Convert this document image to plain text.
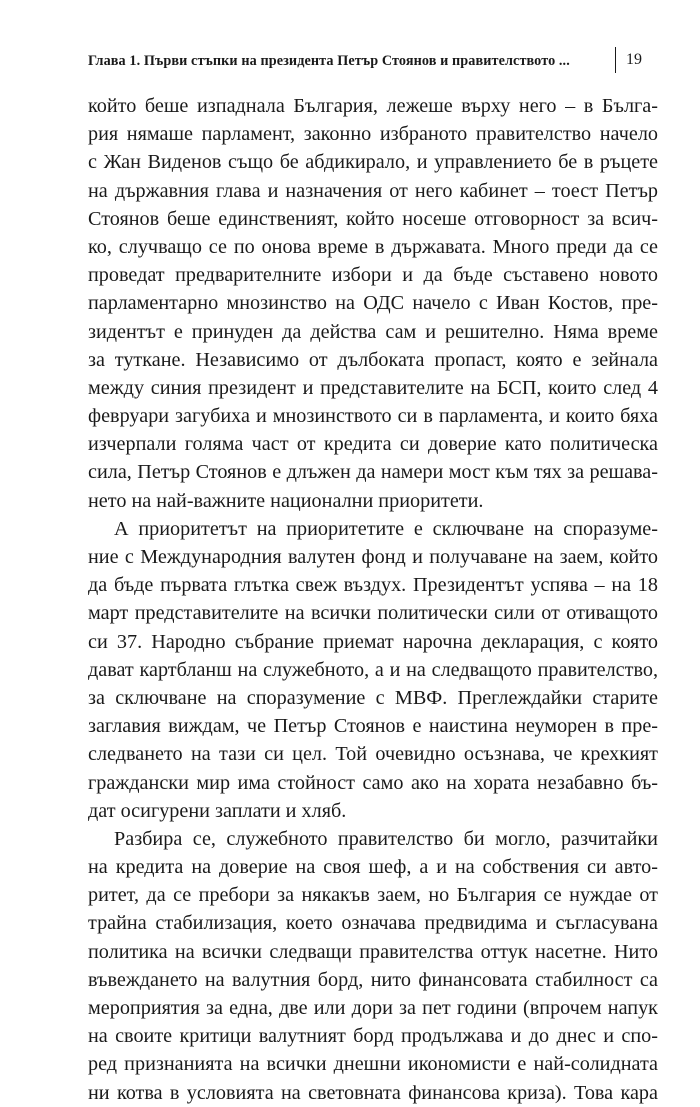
Глава 1. Първи стъпки на президента Петър Стоянов и правителството ...	19
който беше изпаднала България, лежеше върху него – в Бълга-
рия нямаше парламент, законно избраното правителство начело
с Жан Виденов също бе абдикирало, и управлението бе в ръцете
на държавния глава и назначения от него кабинет – тоест Петър
Стоянов беше единственият, който носеше отговорност за всич-
ко, случващо се по онова време в държавата. Много преди да се
проведат предварителните избори и да бъде съставено новото
парламентарно мнозинство на ОДС начело с Иван Костов, пре-
зидентът е принуден да действа сам и решително. Няма време
за туткане. Независимо от дълбоката пропаст, която е зейнала
между синия президент и представителите на БСП, които след 4
февруари загубиха и мнозинството си в парламента, и които бяха
изчерпали голяма част от кредита си доверие като политическа
сила, Петър Стоянов е длъжен да намери мост към тях за решава-
нето на най-важните национални приоритети.
А приоритетът на приоритетите е сключване на споразуме-
ние с Международния валутен фонд и получаване на заем, който
да бъде първата глътка свеж въздух. Президентът успява – на 18
март представителите на всички политически сили от отиващото
си 37. Народно събрание приемат нарочна декларация, с която
дават картбланш на служебното, а и на следващото правителство,
за сключване на споразумение с МВФ. Преглеждайки старите
заглавия виждам, че Петър Стоянов е наистина неуморен в пре-
следването на тази си цел. Той очевидно осъзнава, че крехкият
граждански мир има стойност само ако на хората незабавно бъ-
дат осигурени заплати и хляб.
Разбира се, служебното правителство би могло, разчитайки
на кредита на доверие на своя шеф, а и на собствения си авто-
ритет, да се пребори за някакъв заем, но България се нуждае от
трайна стабилизация, което означава предвидима и съгласувана
политика на всички следващи правителства оттук насетне. Нито
въвеждането на валутния борд, нито финансовата стабилност са
мероприятия за една, две или дори за пет години (впрочем напук
на своите критици валутният борд продължава и до днес и спо-
ред признанията на всички днешни икономисти е най-солидната
ни котва в условията на световната финансова криза). Това кара
